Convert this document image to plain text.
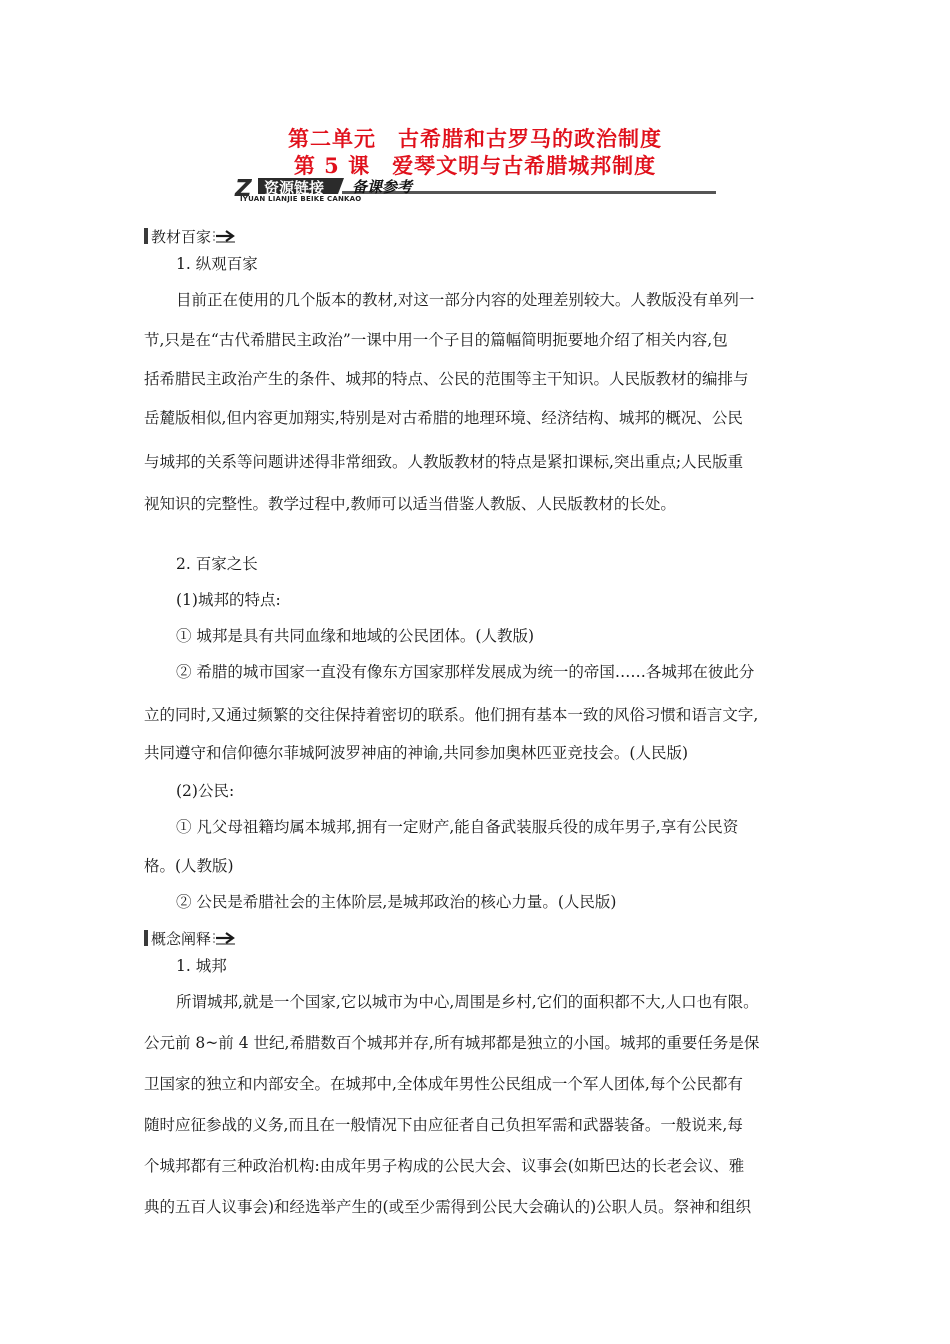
第二单元　古希腊和古罗马的政治制度
第 5 课　爱琴文明与古希腊城邦制度
Z 资源链接 备课参考
IYUAN LIANJIE BEIKE CANKAO
教材百家
1. 纵观百家
目前正在使用的几个版本的教材,对这一部分内容的处理差别较大。人教版没有单列一
节,只是在“古代希腊民主政治”一课中用一个子目的篇幅简明扼要地介绍了相关内容,包
括希腊民主政治产生的条件、城邦的特点、公民的范围等主干知识。人民版教材的编排与
岳麓版相似,但内容更加翔实,特别是对古希腊的地理环境、经济结构、城邦的概况、公民
与城邦的关系等问题讲述得非常细致。人教版教材的特点是紧扣课标,突出重点;人民版重
视知识的完整性。教学过程中,教师可以适当借鉴人教版、人民版教材的长处。
2. 百家之长
(1)城邦的特点:
① 城邦是具有共同血缘和地域的公民团体。(人教版)
② 希腊的城市国家一直没有像东方国家那样发展成为统一的帝国……各城邦在彼此分
立的同时,又通过频繁的交往保持着密切的联系。他们拥有基本一致的风俗习惯和语言文字,
共同遵守和信仰德尔菲城阿波罗神庙的神谕,共同参加奥林匹亚竞技会。(人民版)
(2)公民:
① 凡父母祖籍均属本城邦,拥有一定财产,能自备武装服兵役的成年男子,享有公民资
格。(人教版)
② 公民是希腊社会的主体阶层,是城邦政治的核心力量。(人民版)
概念阐释
1. 城邦
所谓城邦,就是一个国家,它以城市为中心,周围是乡村,它们的面积都不大,人口也有限。
公元前 8~前 4 世纪,希腊数百个城邦并存,所有城邦都是独立的小国。城邦的重要任务是保
卫国家的独立和内部安全。在城邦中,全体成年男性公民组成一个军人团体,每个公民都有
随时应征参战的义务,而且在一般情况下由应征者自己负担军需和武器装备。一般说来,每
个城邦都有三种政治机构:由成年男子构成的公民大会、议事会(如斯巴达的长老会议、雅
典的五百人议事会)和经选举产生的(或至少需得到公民大会确认的)公职人员。祭神和组织
